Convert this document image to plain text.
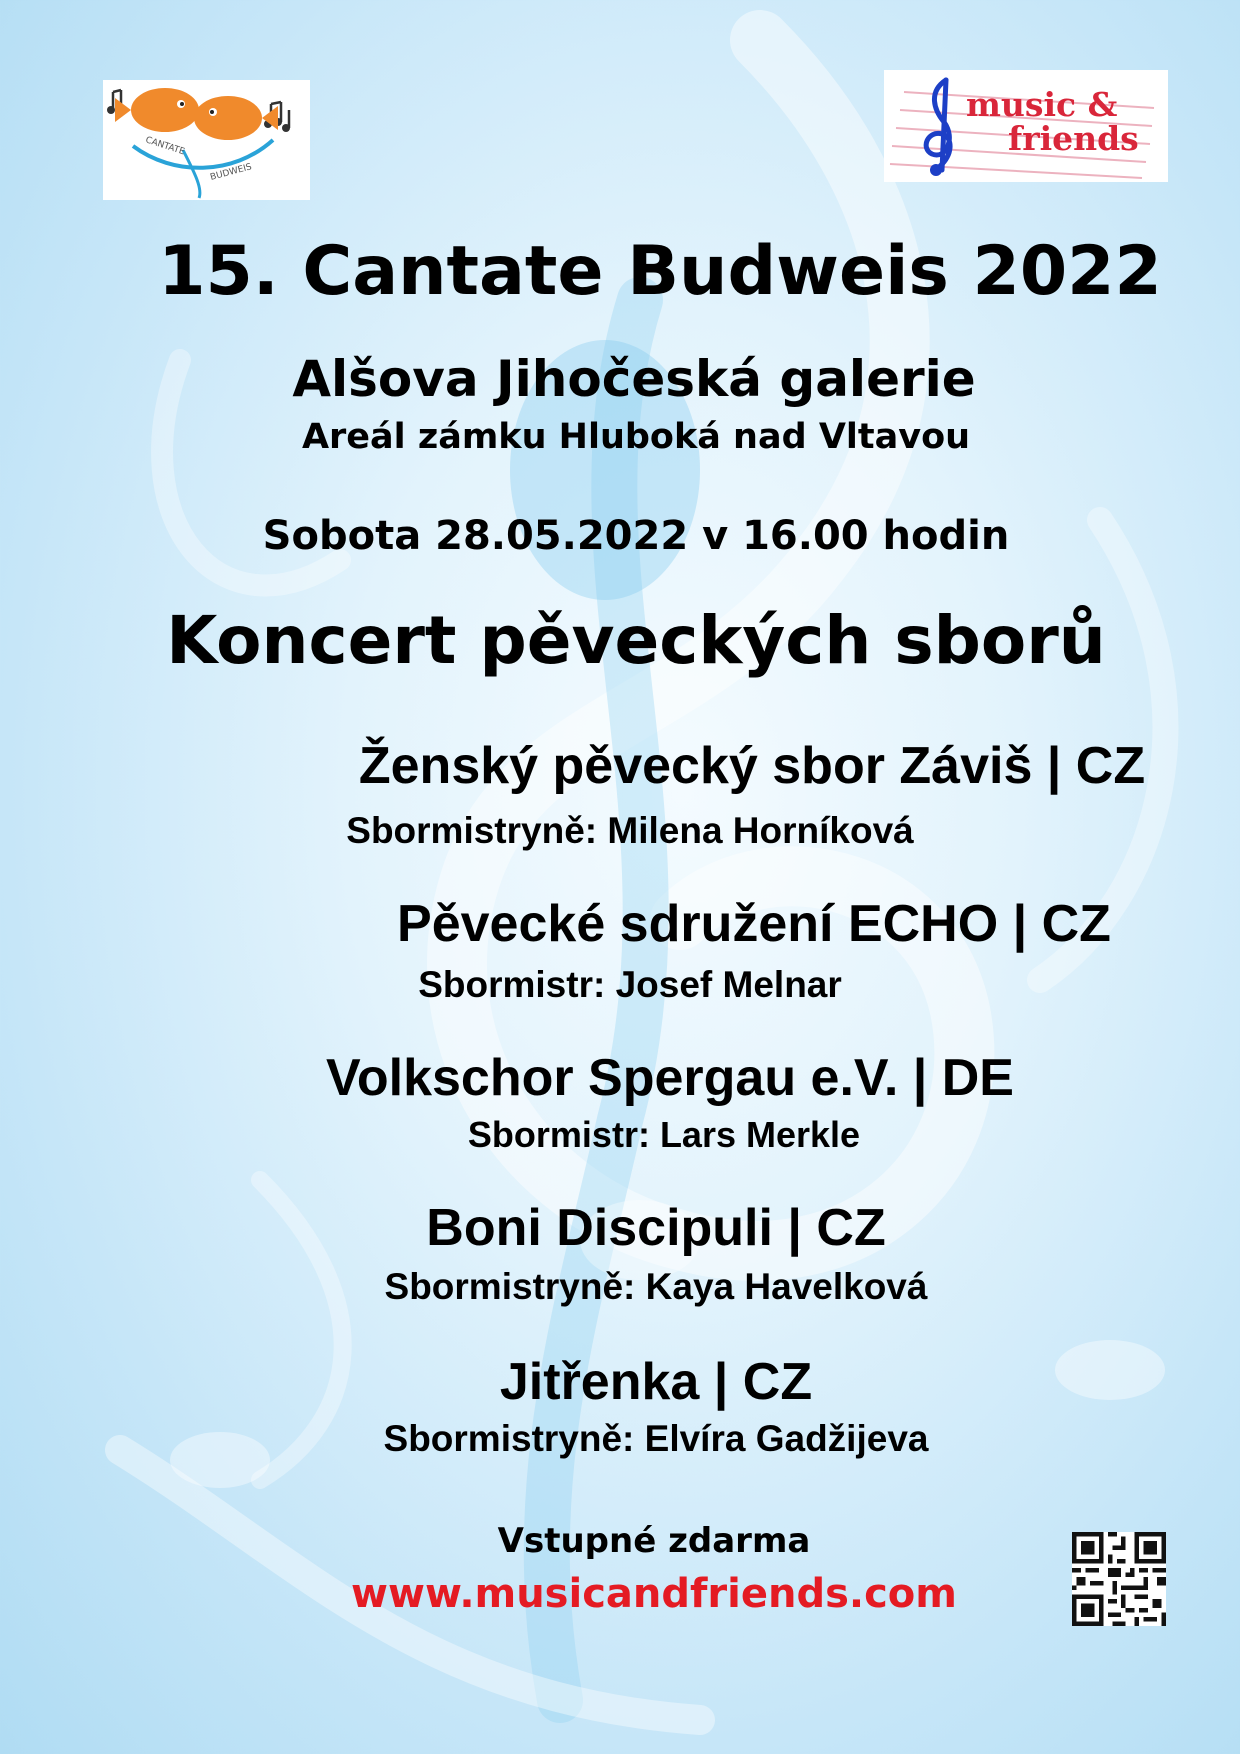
CANTATE
BUDWEIS
music &
friends
15. Cantate Budweis 2022
Alšova Jihočeská galerie
Areál zámku Hluboká nad Vltavou
Sobota 28.05.2022 v 16.00 hodin
Koncert pěveckých sborů
Ženský pěvecký sbor Záviš | CZ
Sbormistryně: Milena Horníková
Pěvecké sdružení ECHO | CZ
Sbormistr: Josef Melnar
Volkschor Spergau e.V. | DE
Sbormistr: Lars Merkle
Boni Discipuli | CZ
Sbormistryně: Kaya Havelková
Jitřenka | CZ
Sbormistryně: Elvíra Gadžijeva
Vstupné zdarma
www.musicandfriends.com
